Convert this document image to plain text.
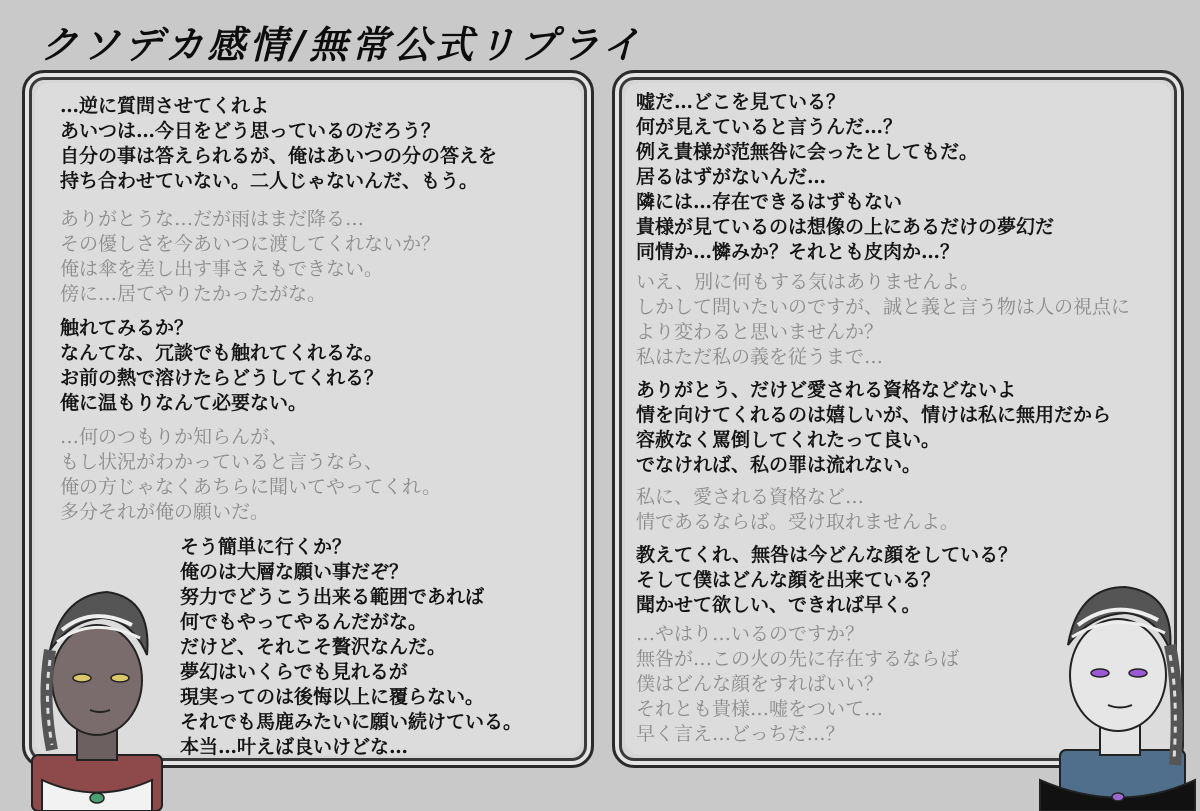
クソデカ感情/無常公式リプライ
…逆に質問させてくれよ
あいつは…今日をどう思っているのだろう？
自分の事は答えられるが、俺はあいつの分の答えを
持ち合わせていない。二人じゃないんだ、もう。
ありがとうな…だが雨はまだ降る…
その優しさを今あいつに渡してくれないか？
俺は傘を差し出す事さえもできない。
傍に…居てやりたかったがな。
触れてみるか？
なんてな、冗談でも触れてくれるな。
お前の熱で溶けたらどうしてくれる？
俺に温もりなんて必要ない。
…何のつもりか知らんが、
もし状況がわかっていると言うなら、
俺の方じゃなくあちらに聞いてやってくれ。
多分それが俺の願いだ。
そう簡単に行くか？
俺のは大層な願い事だぞ？
努力でどうこう出来る範囲であれば
何でもやってやるんだがな。
だけど、それこそ贅沢なんだ。
夢幻はいくらでも見れるが
現実ってのは後悔以上に覆らない。
それでも馬鹿みたいに願い続けている。
本当…叶えば良いけどな…
嘘だ…どこを見ている？
何が見えていると言うんだ…？
例え貴様が范無咎に会ったとしてもだ。
居るはずがないんだ…
隣には…存在できるはずもない
貴様が見ているのは想像の上にあるだけの夢幻だ
同情か…憐みか？それとも皮肉か…？
いえ、別に何もする気はありませんよ。
しかして問いたいのですが、誠と義と言う物は人の視点に
より変わると思いませんか？
私はただ私の義を従うまで…
ありがとう、だけど愛される資格などないよ
情を向けてくれるのは嬉しいが、情けは私に無用だから
容赦なく罵倒してくれたって良い。
でなければ、私の罪は流れない。
私に、愛される資格など…
情であるならば。受け取れませんよ。
教えてくれ、無咎は今どんな顔をしている？
そして僕はどんな顔を出来ている？
聞かせて欲しい、できれば早く。
…やはり…いるのですか？
無咎が…この火の先に存在するならば
僕はどんな顔をすればいい？
それとも貴様…嘘をついて…
早く言え…どっちだ…？
